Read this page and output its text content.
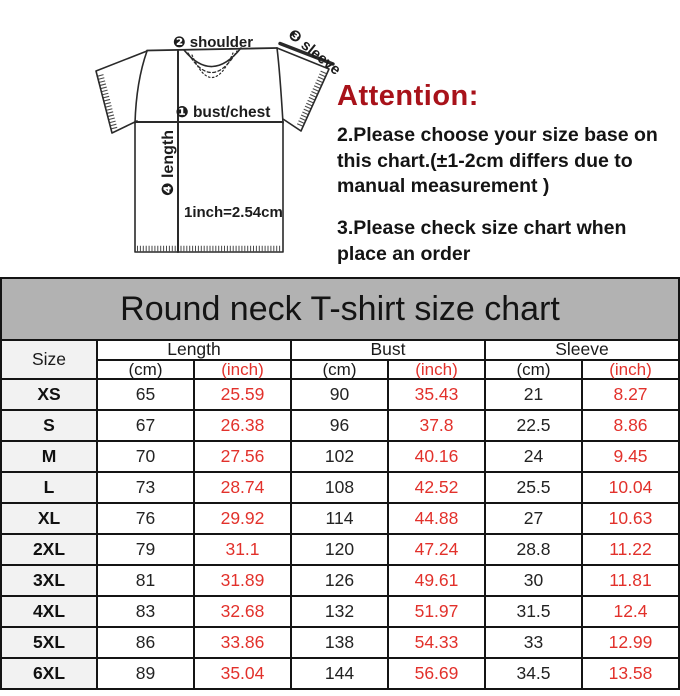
❷ shoulder ❸ sleeve
❶ bust/chest
❹ length
1inch=2.54cm
Attention:

2.Please choose your size base on this chart.(±1-2cm differs due to manual measurement )

3.Please check size chart when place an order

Round neck T-shirt size chart						
Size	Length		Bust		Sleeve	
	(cm)	(inch)	(cm)	(inch)	(cm)	(inch)
XS	65	25.59	90	35.43	21	8.27
S	67	26.38	96	37.8	22.5	8.86
M	70	27.56	102	40.16	24	9.45
L	73	28.74	108	42.52	25.5	10.04
XL	76	29.92	114	44.88	27	10.63
2XL	79	31.1	120	47.24	28.8	11.22
3XL	81	31.89	126	49.61	30	11.81
4XL	83	32.68	132	51.97	31.5	12.4
5XL	86	33.86	138	54.33	33	12.99
6XL	89	35.04	144	56.69	34.5	13.58
